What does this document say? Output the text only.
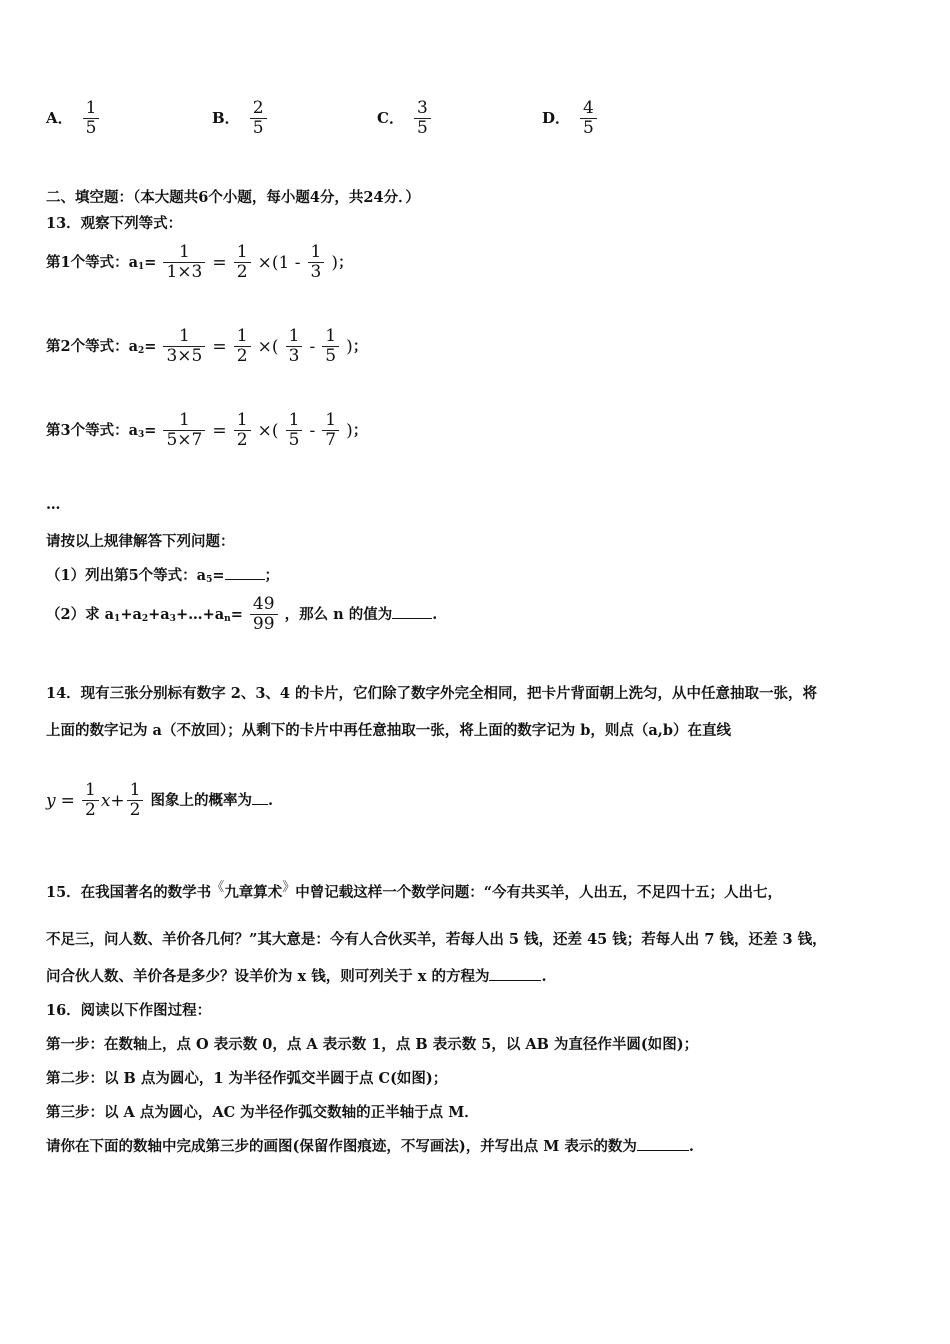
A． $\frac{1}{5}$	B． $\frac{2}{5}$	C． $\frac{3}{5}$	D． $\frac{4}{5}$
二、填空题：（本大题共6个小题，每小题4分，共24分．）
13．观察下列等式：
第1个等式：$a_1= \frac{1}{1\times 3} = \frac{1}{2} \times(1 - \frac{1}{3}$ )；
第2个等式：$a_2= \frac{1}{3\times 5} = \frac{1}{2}$ ×( $\frac{1}{3} - \frac{1}{5}$ )；
第3个等式：$a_3= \frac{1}{5\times 7} = \frac{1}{2}$ ×( $\frac{1}{5} - \frac{1}{7}$ )；
…
请按以上规律解答下列问题：
（1）列出第5个等式：$a_5=$	；
（2）求 $a_1+a_2+a_3+\dots+a_n= \frac{49}{99}$ ，那么 n 的值为	.
14．现有三张分别标有数字 2、3、4 的卡片，它们除了数字外完全相同，把卡片背面朝上洗匀，从中任意抽取一张，将
上面的数字记为 a（不放回）；从剩下的卡片中再任意抽取一张，将上面的数字记为 b，则点（a,b）在直线
$y = \frac{1}{2} x+ \frac{1}{2}$ 图象上的概率为 .
15．在我国著名的数学书《九章算术》中曾记载这样一个数学问题：“今有共买羊，人出五，不足四十五；人出七，
不足三，问人数、羊价各几何？”其大意是：今有人合伙买羊，若每人出 5 钱，还差 45 钱；若每人出 7 钱，还差 3 钱，
问合伙人数、羊价各是多少？设羊价为 x 钱，则可列关于 x 的方程为	.
16．阅读以下作图过程：
第一步：在数轴上，点 O 表示数 0，点 A 表示数 1，点 B 表示数 5，以 AB 为直径作半圆(如图)；
第二步：以 B 点为圆心，1 为半径作弧交半圆于点 C(如图)；
第三步：以 A 点为圆心，AC 为半径作弧交数轴的正半轴于点 M．
请你在下面的数轴中完成第三步的画图(保留作图痕迹，不写画法)，并写出点 M 表示的数为	.
